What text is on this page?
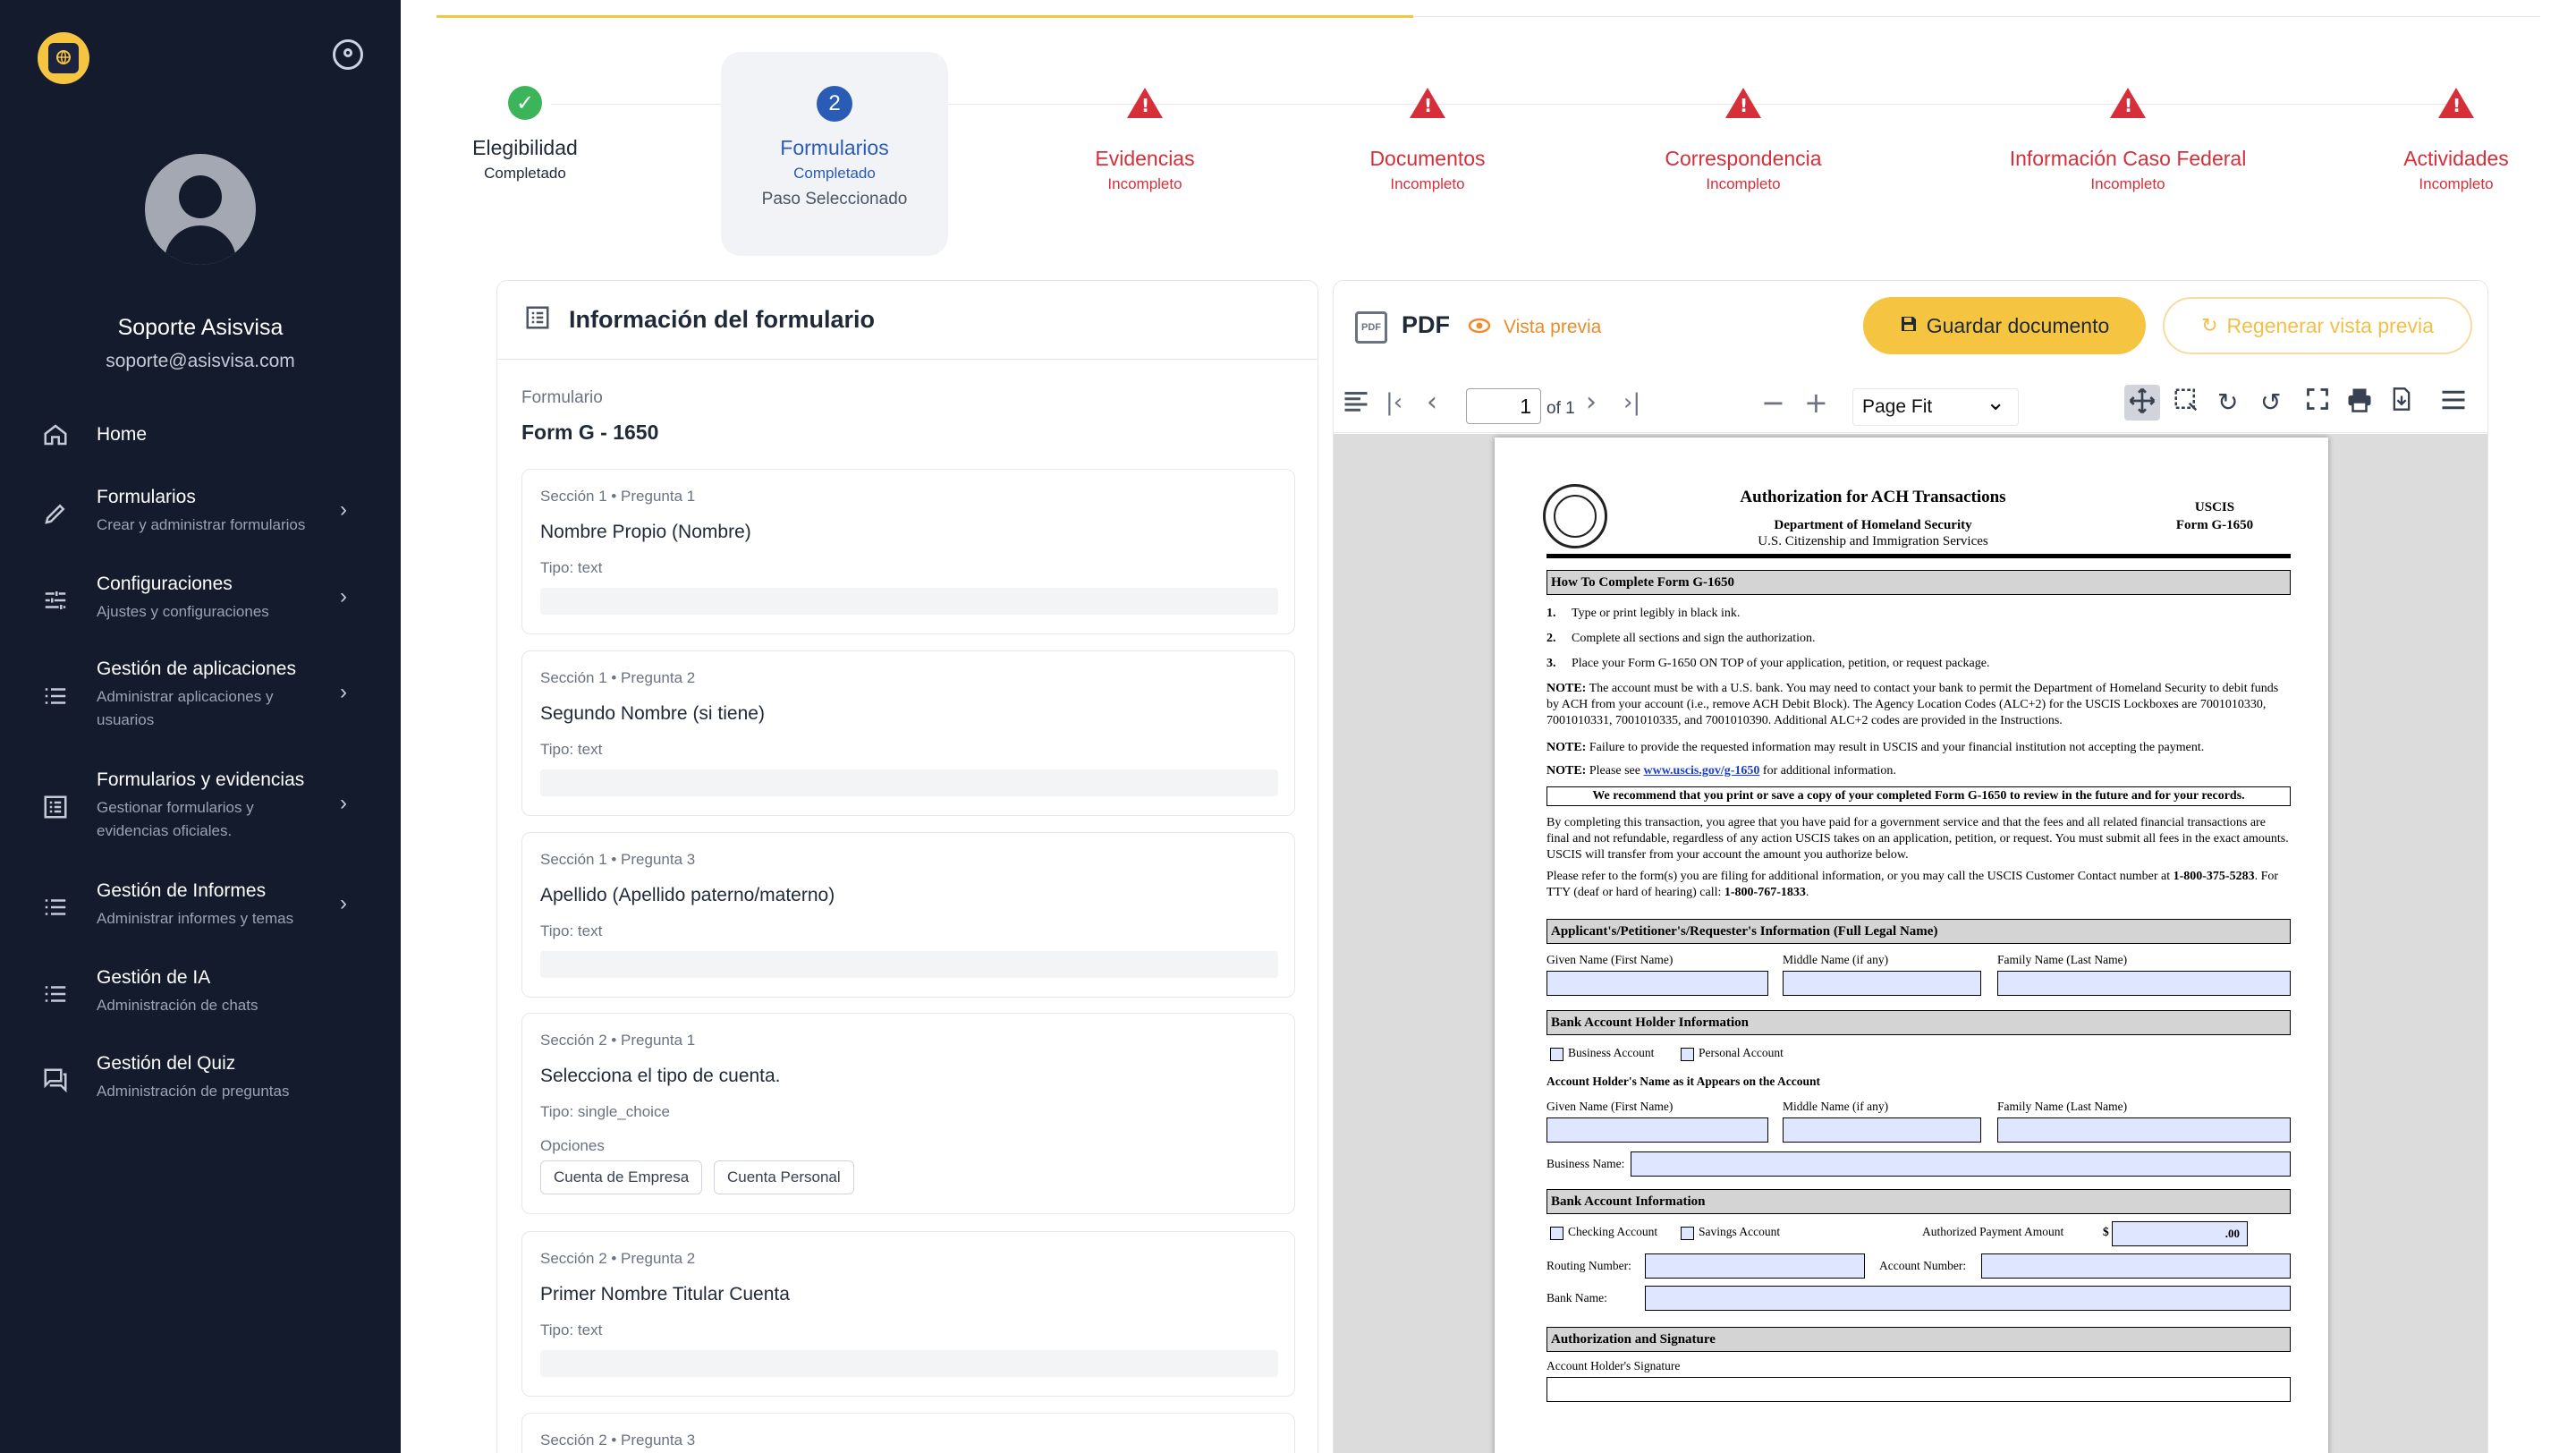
Soporte Asisvisa
soporte@asisvisa.com
Home
Formularios
Crear y administrar formularios
›
Configuraciones
Ajustes y configuraciones
›
Gestión de aplicaciones
Administrar aplicaciones y usuarios
›
Formularios y evidencias
Gestionar formularios y evidencias oficiales.
›
Gestión de Informes
Administrar informes y temas
›
Gestión de IA
Administración de chats
Gestión del Quiz
Administración de preguntas
✓
Elegibilidad
Completado
2
Formularios
Completado
Paso Seleccionado
!
Evidencias
Incompleto
!
Documentos
Incompleto
!
Correspondencia
Incompleto
!
Información Caso Federal
Incompleto
!
Actividades
Incompleto
Información del formulario
Formulario
Form G - 1650
Sección 1 • Pregunta 1
Nombre Propio (Nombre)
Tipo: text
Sección 1 • Pregunta 2
Segundo Nombre (si tiene)
Tipo: text
Sección 1 • Pregunta 3
Apellido (Apellido paterno/materno)
Tipo: text
Sección 2 • Pregunta 1
Selecciona el tipo de cuenta.
Tipo: single_choice
Opciones
Cuenta de Empresa	Cuenta Personal
Sección 2 • Pregunta 2
Primer Nombre Titular Cuenta
Tipo: text
Sección 2 • Pregunta 3
PDF PDF	Vista previa	Guardar documento	↻ Regenerar vista previa
|‹ ‹	1 of 1 › ›|	− +	Page Fit ⌄	↻ ↺
Authorization for ACH Transactions
Department of Homeland Security
U.S. Citizenship and Immigration Services
USCIS
Form G-1650
How To Complete Form G-1650
1. Type or print legibly in black ink.
2. Complete all sections and sign the authorization.
3. Place your Form G-1650 ON TOP of your application, petition, or request package.
NOTE: The account must be with a U.S. bank. You may need to contact your bank to permit the Department of Homeland Security to debit funds by ACH from your account (i.e., remove ACH Debit Block). The Agency Location Codes (ALC+2) for the USCIS Lockboxes are 7001010330, 7001010331, 7001010335, and 7001010390. Additional ALC+2 codes are provided in the Instructions.
NOTE: Failure to provide the requested information may result in USCIS and your financial institution not accepting the payment.
NOTE: Please see www.uscis.gov/g-1650 for additional information.
We recommend that you print or save a copy of your completed Form G-1650 to review in the future and for your records.
By completing this transaction, you agree that you have paid for a government service and that the fees and all related financial transactions are final and not refundable, regardless of any action USCIS takes on an application, petition, or request. You must submit all fees in the exact amounts. USCIS will transfer from your account the amount you authorize below.
Please refer to the form(s) you are filing for additional information, or you may call the USCIS Customer Contact number at 1-800-375-5283. For TTY (deaf or hard of hearing) call: 1-800-767-1833.
Applicant's/Petitioner's/Requester's Information (Full Legal Name)
Given Name (First Name)	Middle Name (if any)	Family Name (Last Name)
Bank Account Holder Information
Business Account	Personal Account
Account Holder's Name as it Appears on the Account
Given Name (First Name)	Middle Name (if any)	Family Name (Last Name)
Business Name:
Bank Account Information
Checking Account	Savings Account	Authorized Payment Amount	$	.00
Routing Number:	Account Number:
Bank Name:
Authorization and Signature
Account Holder's Signature
